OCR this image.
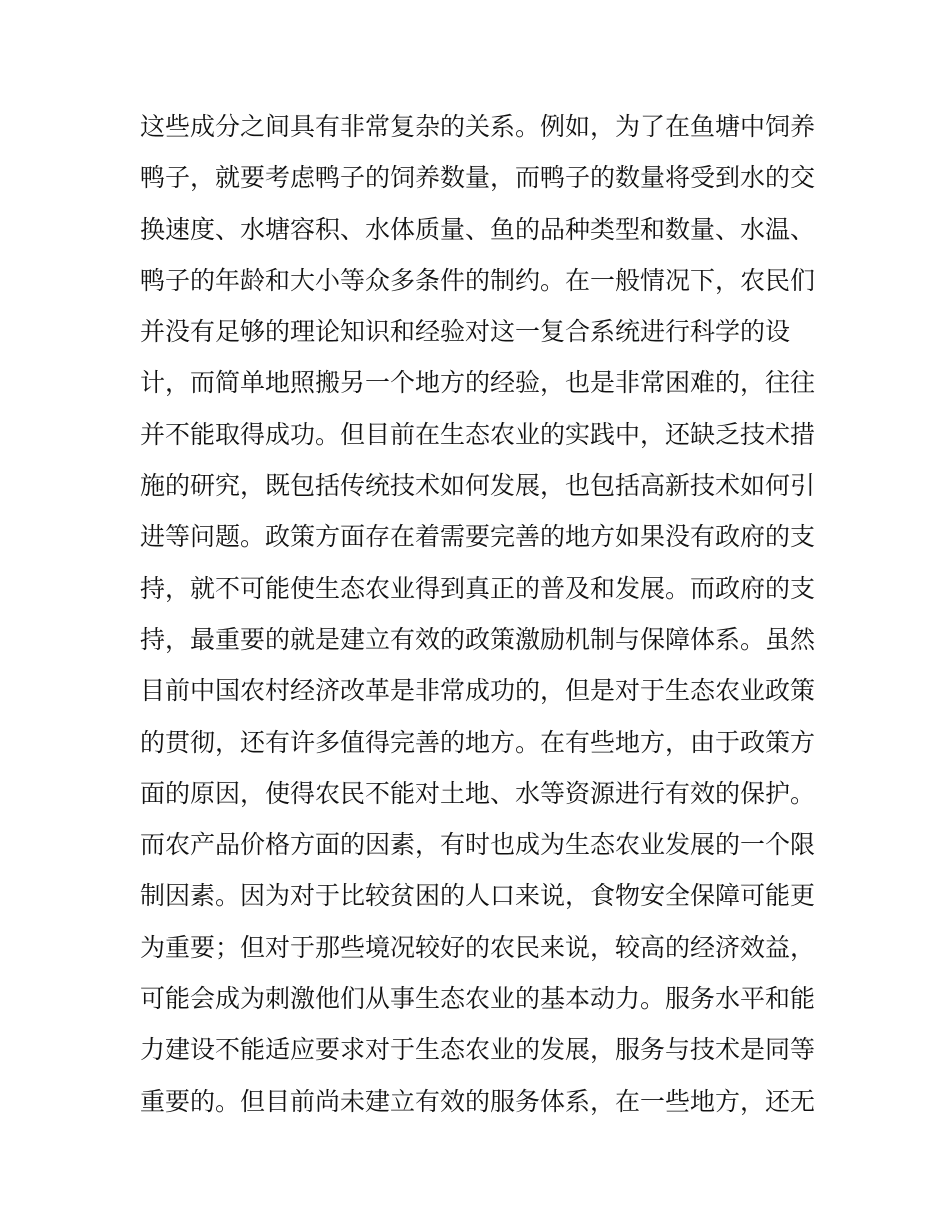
这些成分之间具有非常复杂的关系。例如，为了在鱼塘中饲养
鸭子，就要考虑鸭子的饲养数量，而鸭子的数量将受到水的交
换速度、水塘容积、水体质量、鱼的品种类型和数量、水温、
鸭子的年龄和大小等众多条件的制约。在一般情况下，农民们
并没有足够的理论知识和经验对这一复合系统进行科学的设
计，而简单地照搬另一个地方的经验，也是非常困难的，往往
并不能取得成功。但目前在生态农业的实践中，还缺乏技术措
施的研究，既包括传统技术如何发展，也包括高新技术如何引
进等问题。政策方面存在着需要完善的地方如果没有政府的支
持，就不可能使生态农业得到真正的普及和发展。而政府的支
持，最重要的就是建立有效的政策激励机制与保障体系。虽然
目前中国农村经济改革是非常成功的，但是对于生态农业政策
的贯彻，还有许多值得完善的地方。在有些地方，由于政策方
面的原因，使得农民不能对土地、水等资源进行有效的保护。
而农产品价格方面的因素，有时也成为生态农业发展的一个限
制因素。因为对于比较贫困的人口来说，食物安全保障可能更
为重要；但对于那些境况较好的农民来说，较高的经济效益，
可能会成为刺激他们从事生态农业的基本动力。服务水平和能
力建设不能适应要求对于生态农业的发展，服务与技术是同等
重要的。但目前尚未建立有效的服务体系，在一些地方，还无
